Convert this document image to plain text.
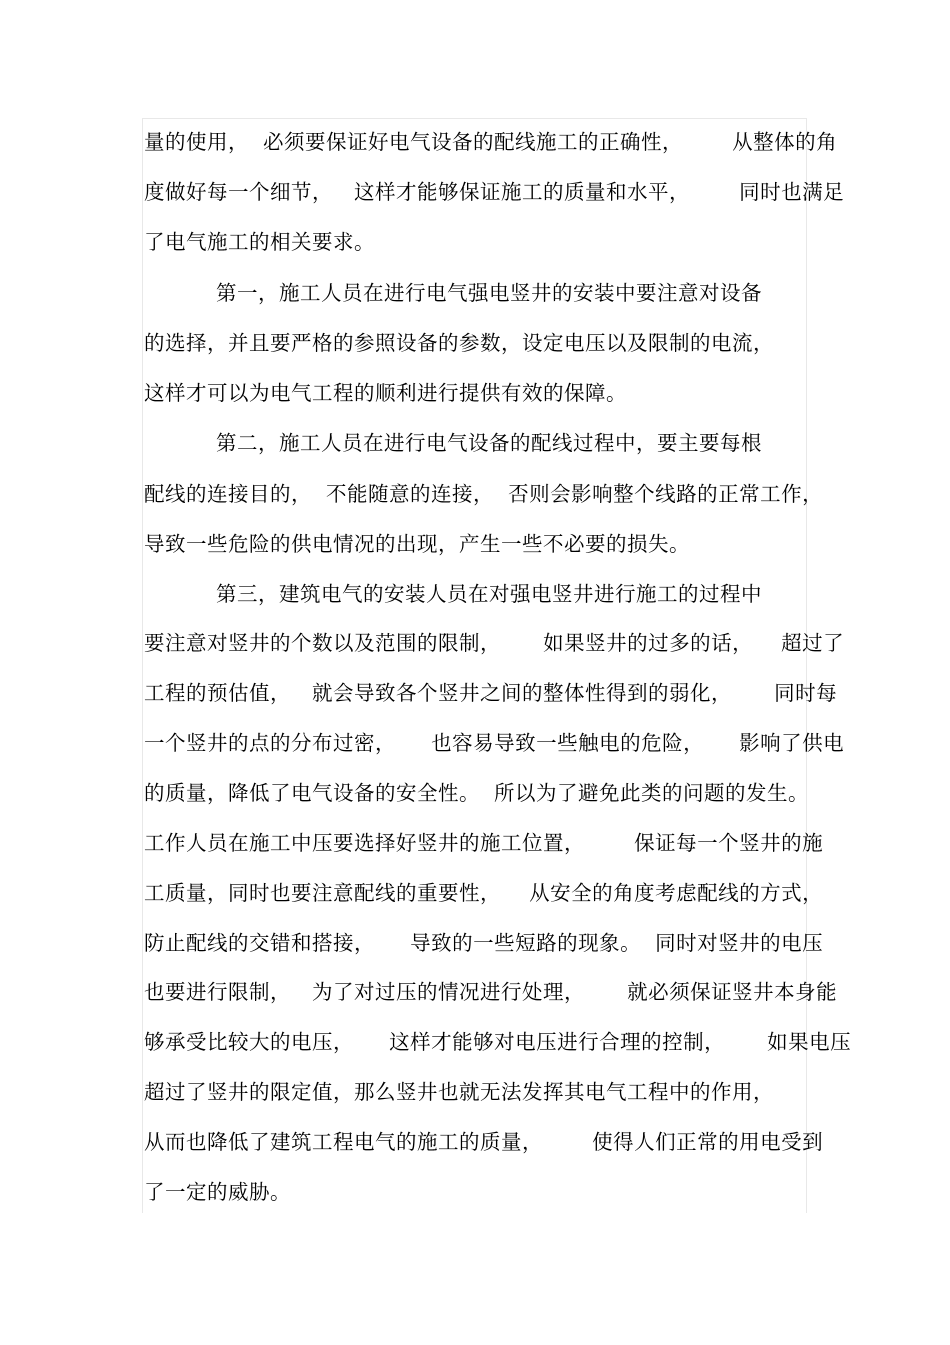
量的使用，  必须要保证好电气设备的配线施工的正确性，       从整体的角
度做好每一个细节，   这样才能够保证施工的质量和水平，       同时也满足
了电气施工的相关要求。
第一，施工人员在进行电气强电竖井的安装中要注意对设备
的选择，并且要严格的参照设备的参数，设定电压以及限制的电流，
这样才可以为电气工程的顺利进行提供有效的保障。
第二，施工人员在进行电气设备的配线过程中，要主要每根
配线的连接目的，  不能随意的连接，  否则会影响整个线路的正常工作，
导致一些危险的供电情况的出现，产生一些不必要的损失。
第三，建筑电气的安装人员在对强电竖井进行施工的过程中
要注意对竖井的个数以及范围的限制，      如果竖井的过多的话，    超过了
工程的预估值，   就会导致各个竖井之间的整体性得到的弱化，      同时每
一个竖井的点的分布过密，     也容易导致一些触电的危险，     影响了供电
的质量，降低了电气设备的安全性。  所以为了避免此类的问题的发生。
工作人员在施工中压要选择好竖井的施工位置，       保证每一个竖井的施
工质量，同时也要注意配线的重要性，    从安全的角度考虑配线的方式，
防止配线的交错和搭接，     导致的一些短路的现象。  同时对竖井的电压
也要进行限制，   为了对过压的情况进行处理，      就必须保证竖井本身能
够承受比较大的电压，     这样才能够对电压进行合理的控制，      如果电压
超过了竖井的限定值，那么竖井也就无法发挥其电气工程中的作用，
从而也降低了建筑工程电气的施工的质量，       使得人们正常的用电受到
了一定的威胁。
